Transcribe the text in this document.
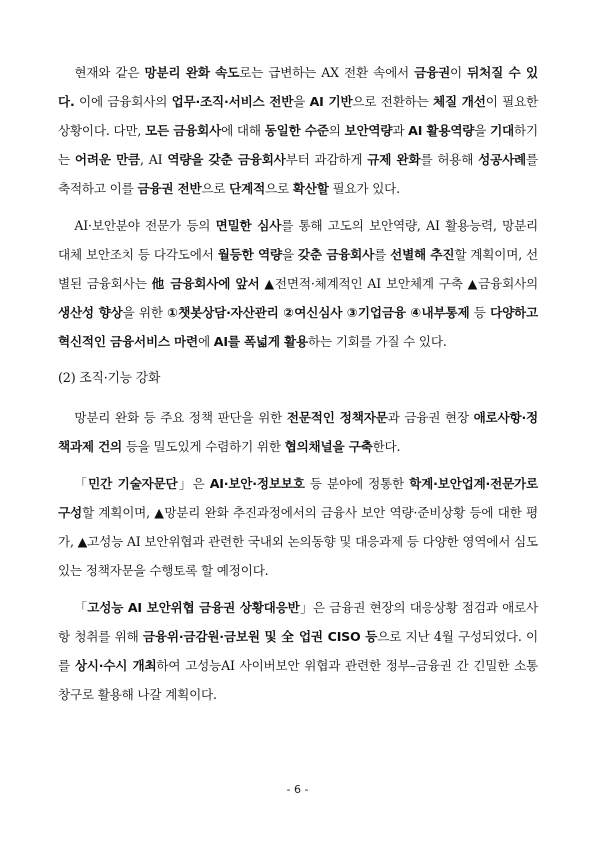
현재와 같은 망분리 완화 속도로는 급변하는 AX 전환 속에서 금융권이 뒤처질 수 있다. 이에 금융회사의 업무·조직·서비스 전반을 AI 기반으로 전환하는 체질 개선이 필요한 상황이다. 다만, 모든 금융회사에 대해 동일한 수준의 보안역량과 AI 활용역량을 기대하기는 어려운 만큼, AI 역량을 갖춘 금융회사부터 과감하게 규제 완화를 허용해 성공사례를 축적하고 이를 금융권 전반으로 단계적으로 확산할 필요가 있다.

AI·보안분야 전문가 등의 면밀한 심사를 통해 고도의 보안역량, AI 활용능력, 망분리 대체 보안조치 등 다각도에서 월등한 역량을 갖춘 금융회사를 선별해 추진할 계획이며, 선별된 금융회사는 他 금융회사에 앞서 ▲전면적·체계적인 AI 보안체계 구축 ▲금융회사의 생산성 향상을 위한 ①챗봇상담·자산관리 ②여신심사 ③기업금융 ④내부통제 등 다양하고 혁신적인 금융서비스 마련에 AI를 폭넓게 활용하는 기회를 가질 수 있다.

(2) 조직·기능 강화

망분리 완화 등 주요 정책 판단을 위한 전문적인 정책자문과 금융권 현장 애로사항·정책과제 건의 등을 밀도있게 수렴하기 위한 협의채널을 구축한다.

「민간 기술자문단」은 AI·보안·정보보호 등 분야에 정통한 학계·보안업계·전문가로 구성할 계획이며, ▲망분리 완화 추진과정에서의 금융사 보안 역량·준비상황 등에 대한 평가, ▲고성능 AI 보안위협과 관련한 국내외 논의동향 및 대응과제 등 다양한 영역에서 심도있는 정책자문을 수행토록 할 예정이다.

「고성능 AI 보안위협 금융권 상황대응반」은 금융권 현장의 대응상황 점검과 애로사항 청취를 위해 금융위·금감원·금보원 및 全 업권 CISO 등으로 지난 4월 구성되었다. 이를 상시·수시 개최하여 고성능AI 사이버보안 위협과 관련한 정부–금융권 간 긴밀한 소통창구로 활용해 나갈 계획이다.

- 6 -
